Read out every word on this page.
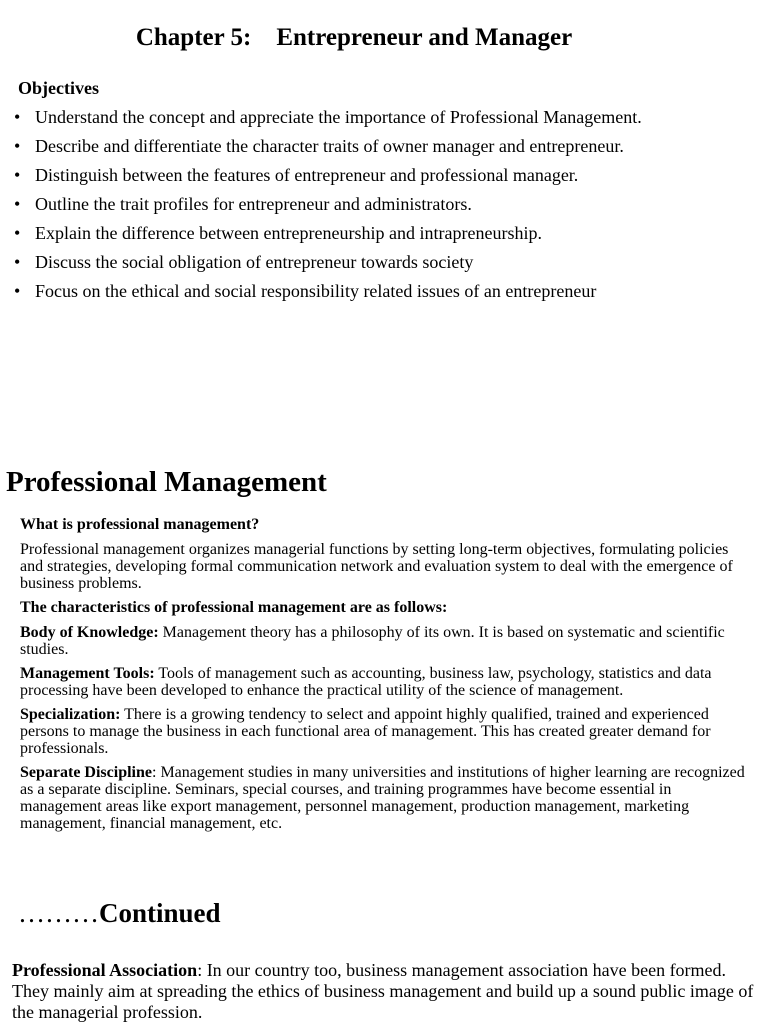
Chapter 5:    Entrepreneur and Manager
Objectives
• Understand the concept and appreciate the importance of Professional Management.
• Describe and differentiate the character traits of owner manager and entrepreneur.
• Distinguish between the features of entrepreneur and professional manager.
• Outline the trait profiles for entrepreneur and administrators.
• Explain the difference between entrepreneurship and intrapreneurship.
• Discuss the social obligation of entrepreneur towards society
• Focus on the ethical and social responsibility related issues of an entrepreneur
Professional Management
What is professional management?

Professional management organizes managerial functions by setting long-term objectives, formulating policies and strategies, developing formal communication network and evaluation system to deal with the emergence of business problems.

The characteristics of professional management are as follows:

Body of Knowledge: Management theory has a philosophy of its own. It is based on systematic and scientific studies.

Management Tools: Tools of management such as accounting, business law, psychology, statistics and data processing have been developed to enhance the practical utility of the science of management.

Specialization: There is a growing tendency to select and appoint highly qualified, trained and experienced persons to manage the business in each functional area of management. This has created greater demand for professionals.

Separate Discipline: Management studies in many universities and institutions of higher learning are recognized as a separate discipline. Seminars, special courses, and training programmes have become essential in management areas like export management, personnel management, production management, marketing management, financial management, etc.

………Continued
Professional Association: In our country too, business management association have been formed. They mainly aim at spreading the ethics of business management and build up a sound public image of the managerial profession.
